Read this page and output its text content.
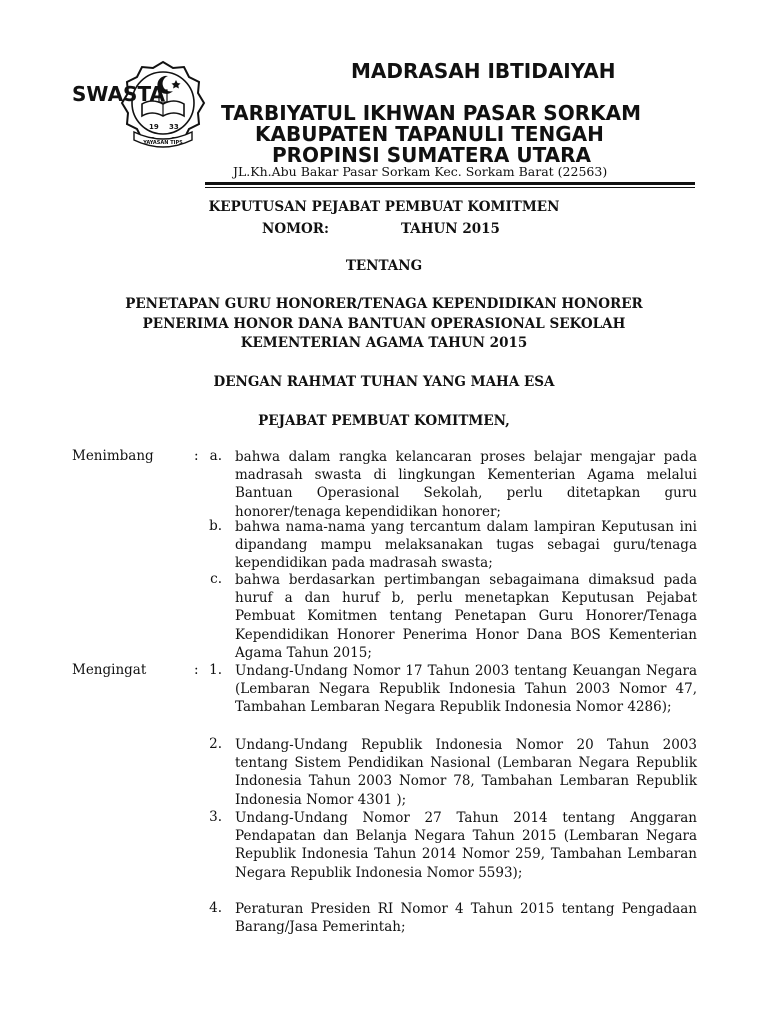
19 33
YAYASAN TIPS
MADRASAH IBTIDAIYAH
SWASTA
TARBIYATUL IKHWAN PASAR SORKAM
KABUPATEN TAPANULI TENGAH
PROPINSI SUMATERA UTARA
JL.Kh.Abu Bakar Pasar Sorkam Kec. Sorkam Barat (22563)
KEPUTUSAN PEJABAT PEMBUAT KOMITMEN
NOMOR:	TAHUN 2015
TENTANG
PENETAPAN GURU HONORER/TENAGA KEPENDIDIKAN HONORER
PENERIMA HONOR DANA BANTUAN OPERASIONAL SEKOLAH
KEMENTERIAN AGAMA TAHUN 2015
DENGAN RAHMAT TUHAN YANG MAHA ESA
PEJABAT PEMBUAT KOMITMEN,
Menimbang	: a. bahwa dalam rangka kelancaran proses belajar mengajar pada madrasah swasta di lingkungan Kementerian Agama melalui Bantuan Operasional Sekolah, perlu ditetapkan guru honorer/tenaga kependidikan honorer;
b. bahwa nama-nama yang tercantum dalam lampiran Keputusan ini dipandang mampu melaksanakan tugas sebagai guru/tenaga kependidikan pada madrasah swasta;
c. bahwa berdasarkan pertimbangan sebagaimana dimaksud pada huruf a dan huruf b, perlu menetapkan Keputusan Pejabat Pembuat Komitmen tentang Penetapan Guru Honorer/Tenaga Kependidikan Honorer Penerima Honor Dana BOS Kementerian Agama Tahun 2015;
Mengingat	: 1. Undang-Undang Nomor 17 Tahun 2003 tentang Keuangan Negara (Lembaran Negara Republik Indonesia Tahun 2003 Nomor 47, Tambahan Lembaran Negara Republik Indonesia Nomor 4286);
2. Undang-Undang Republik Indonesia Nomor 20 Tahun 2003 tentang Sistem Pendidikan Nasional (Lembaran Negara Republik Indonesia Tahun 2003 Nomor 78, Tambahan Lembaran Republik Indonesia Nomor 4301 );
3. Undang-Undang Nomor 27 Tahun 2014 tentang Anggaran Pendapatan dan Belanja Negara Tahun 2015 (Lembaran Negara Republik Indonesia Tahun 2014 Nomor 259, Tambahan Lembaran Negara Republik Indonesia Nomor 5593);
4. Peraturan Presiden RI Nomor 4 Tahun 2015 tentang Pengadaan Barang/Jasa Pemerintah;
